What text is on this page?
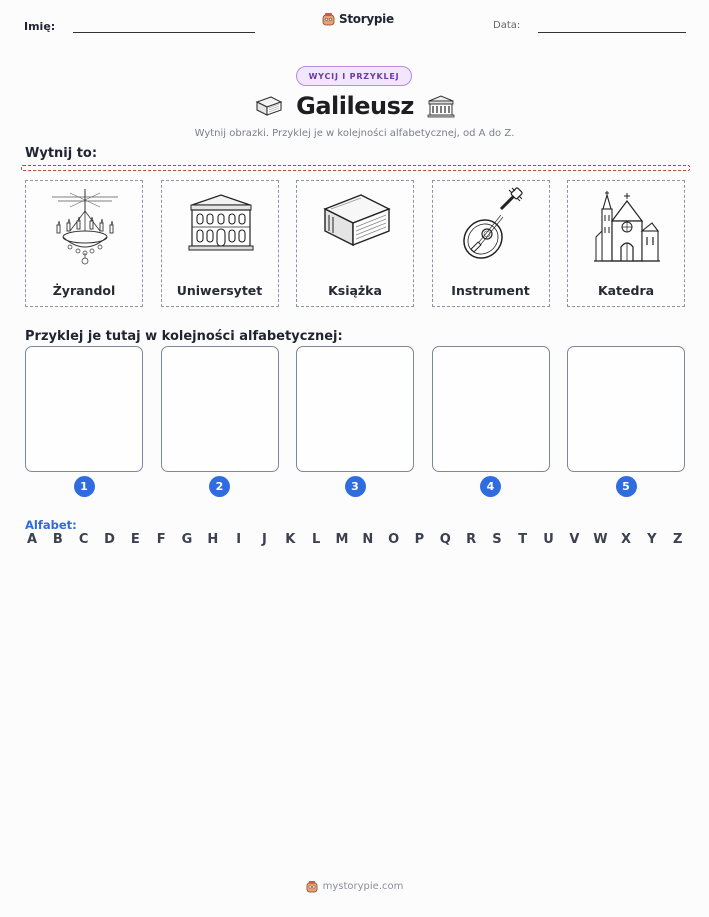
Imię:
Storypie	Data:
WYCIJ I PRZYKLEJ
Galileusz
Wytnij obrazki. Przyklej je w kolejności alfabetycznej, od A do Z.
Wytnij to:
Żyrandol	Uniwersytet	Książka	Instrument	Katedra
Przyklej je tutaj w kolejności alfabetycznej:
1	2	3	4	5
Alfabet:
A B C D E F G H	I	J	K L M N O P Q R S T U V W X Y Z
mystorypie.com
